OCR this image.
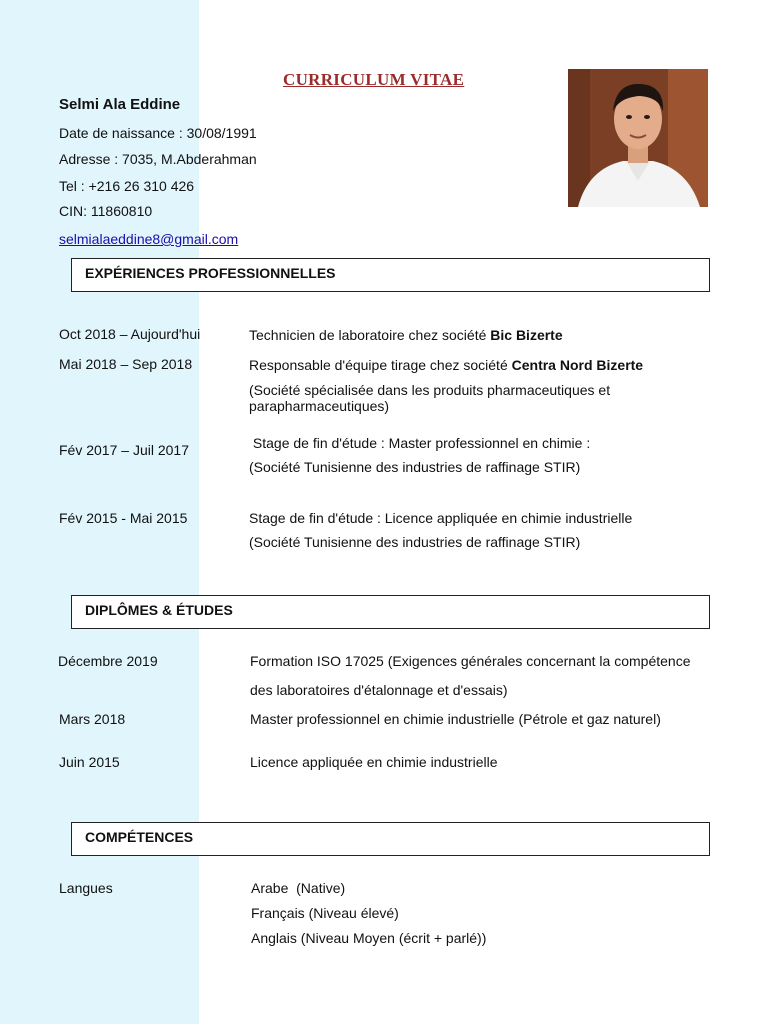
CURRICULUM VITAE
Selmi Ala Eddine
Date de naissance : 30/08/1991
Adresse : 7035, M.Abderahman
Tel : +216 26 310 426
CIN: 11860810
selmialaeddine8@gmail.com
EXPÉRIENCES PROFESSIONNELLES
Oct 2018 – Aujourd'hui	Technicien de laboratoire chez société Bic Bizerte
Mai 2018 – Sep 2018	Responsable d'équipe tirage chez société Centra Nord Bizerte
(Société spécialisée dans les produits pharmaceutiques et
parapharmaceutiques)
Fév 2017 – Juil 2017	Stage de fin d'étude : Master professionnel en chimie :
(Société Tunisienne des industries de raffinage STIR)
Fév 2015 - Mai 2015	Stage de fin d'étude : Licence appliquée en chimie industrielle
(Société Tunisienne des industries de raffinage STIR)
DIPLÔMES & ÉTUDES
Décembre 2019	Formation ISO 17025 (Exigences générales concernant la compétence
des laboratoires d'étalonnage et d'essais)
Mars 2018	Master professionnel en chimie industrielle (Pétrole et gaz naturel)
Juin 2015	Licence appliquée en chimie industrielle
COMPÉTENCES
Langues	Arabe  (Native)
Français (Niveau élevé)
Anglais (Niveau Moyen (écrit + parlé))
